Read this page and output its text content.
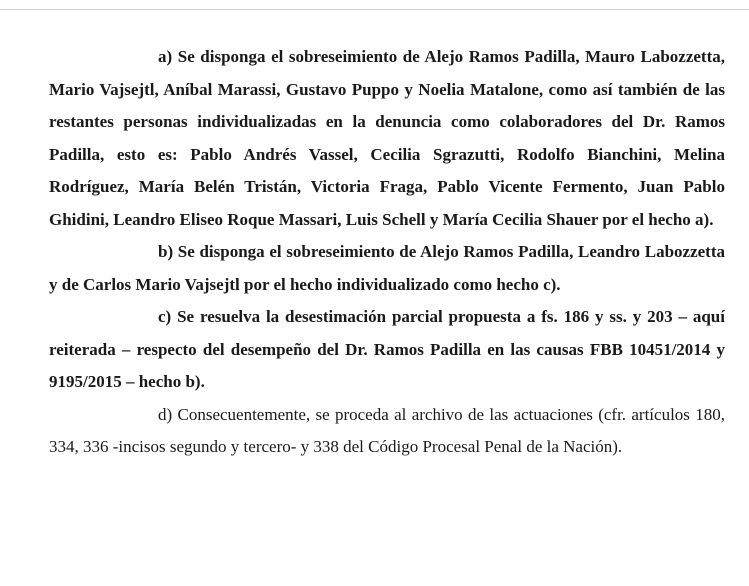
a) Se disponga el sobreseimiento de Alejo Ramos Padilla, Mauro Labozzetta, Mario Vajsejtl, Aníbal Marassi, Gustavo Puppo y Noelia Matalone, como así también de las restantes personas individualizadas en la denuncia como colaboradores del Dr. Ramos Padilla, esto es: Pablo Andrés Vassel, Cecilia Sgrazutti, Rodolfo Bianchini, Melina Rodríguez, María Belén Tristán, Victoria Fraga, Pablo Vicente Fermento, Juan Pablo Ghidini, Leandro Eliseo Roque Massari, Luis Schell y María Cecilia Shauer por el hecho a).

b) Se disponga el sobreseimiento de Alejo Ramos Padilla, Leandro Labozzetta y de Carlos Mario Vajsejtl por el hecho individualizado como hecho c).

c) Se resuelva la desestimación parcial propuesta a fs. 186 y ss. y 203 – aquí reiterada – respecto del desempeño del Dr. Ramos Padilla en las causas FBB 10451/2014 y 9195/2015 – hecho b).

d) Consecuentemente, se proceda al archivo de las actuaciones (cfr. artículos 180, 334, 336 -incisos segundo y tercero- y 338 del Código Procesal Penal de la Nación).
